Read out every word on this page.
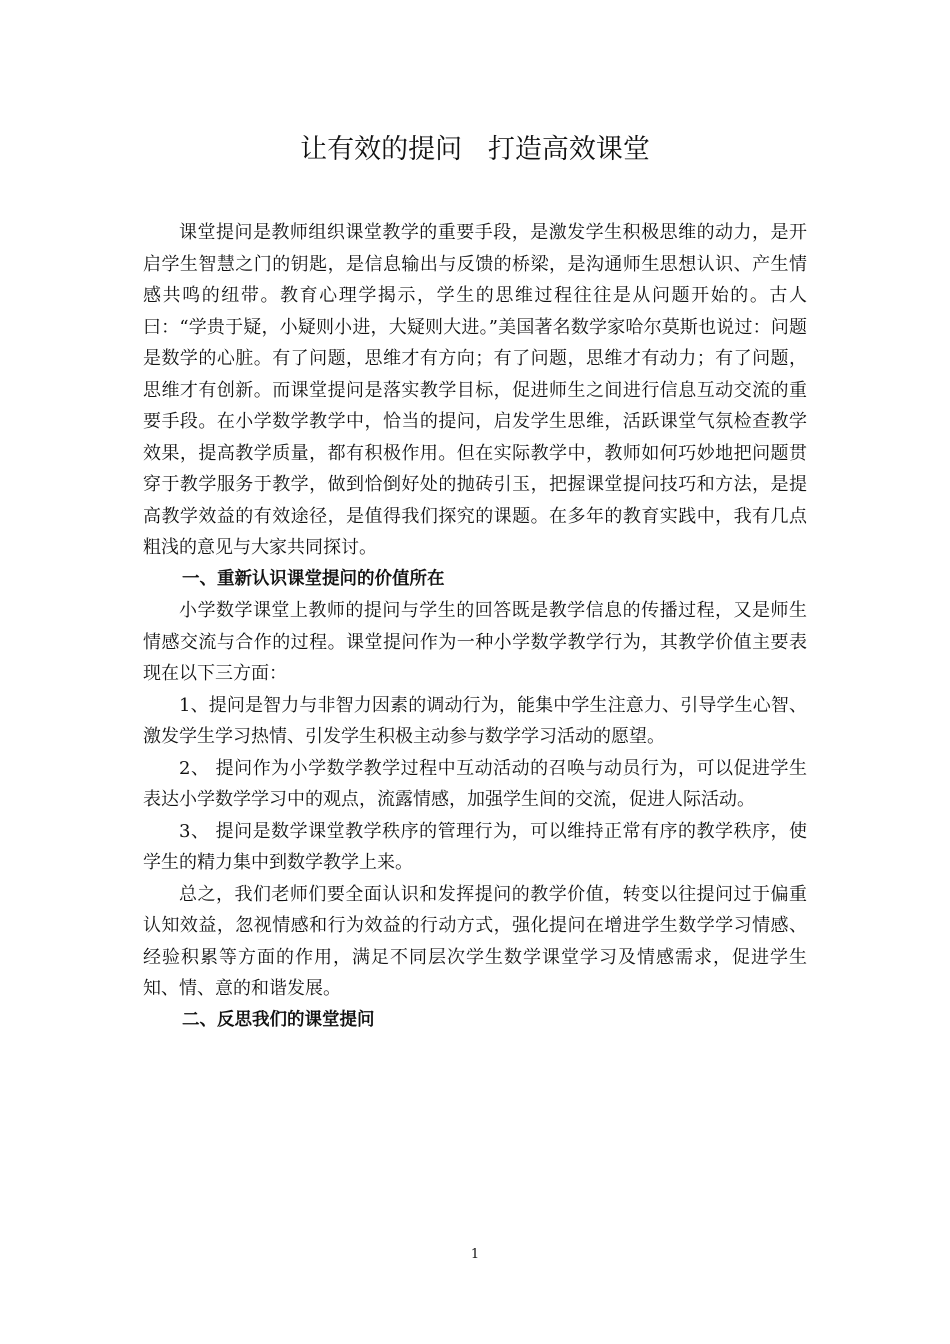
让有效的提问   打造高效课堂

课堂提问是教师组织课堂教学的重要手段，是激发学生积极思维的动力，是开启学生智慧之门的钥匙，是信息输出与反馈的桥梁，是沟通师生思想认识、产生情感共鸣的纽带。教育心理学揭示，学生的思维过程往往是从问题开始的。古人曰：“学贵于疑，小疑则小进，大疑则大进。”美国著名数学家哈尔莫斯也说过：问题是数学的心脏。有了问题，思维才有方向；有了问题，思维才有动力；有了问题，思维才有创新。而课堂提问是落实教学目标，促进师生之间进行信息互动交流的重要手段。在小学数学教学中，恰当的提问，启发学生思维，活跃课堂气氛检查教学效果，提高教学质量，都有积极作用。但在实际教学中，教师如何巧妙地把问题贯穿于教学服务于教学，做到恰倒好处的抛砖引玉，把握课堂提问技巧和方法，是提高教学效益的有效途径，是值得我们探究的课题。在多年的教育实践中，我有几点粗浅的意见与大家共同探讨。

一、重新认识课堂提问的价值所在

小学数学课堂上教师的提问与学生的回答既是教学信息的传播过程，又是师生情感交流与合作的过程。课堂提问作为一种小学数学教学行为，其教学价值主要表现在以下三方面：

1、提问是智力与非智力因素的调动行为，能集中学生注意力、引导学生心智、激发学生学习热情、引发学生积极主动参与数学学习活动的愿望。

2、 提问作为小学数学教学过程中互动活动的召唤与动员行为，可以促进学生表达小学数学学习中的观点，流露情感，加强学生间的交流，促进人际活动。

3、 提问是数学课堂教学秩序的管理行为，可以维持正常有序的教学秩序，使学生的精力集中到数学教学上来。

总之，我们老师们要全面认识和发挥提问的教学价值，转变以往提问过于偏重认知效益，忽视情感和行为效益的行动方式，强化提问在增进学生数学学习情感、经验积累等方面的作用，满足不同层次学生数学课堂学习及情感需求，促进学生知、情、意的和谐发展。

二、反思我们的课堂提问

1
